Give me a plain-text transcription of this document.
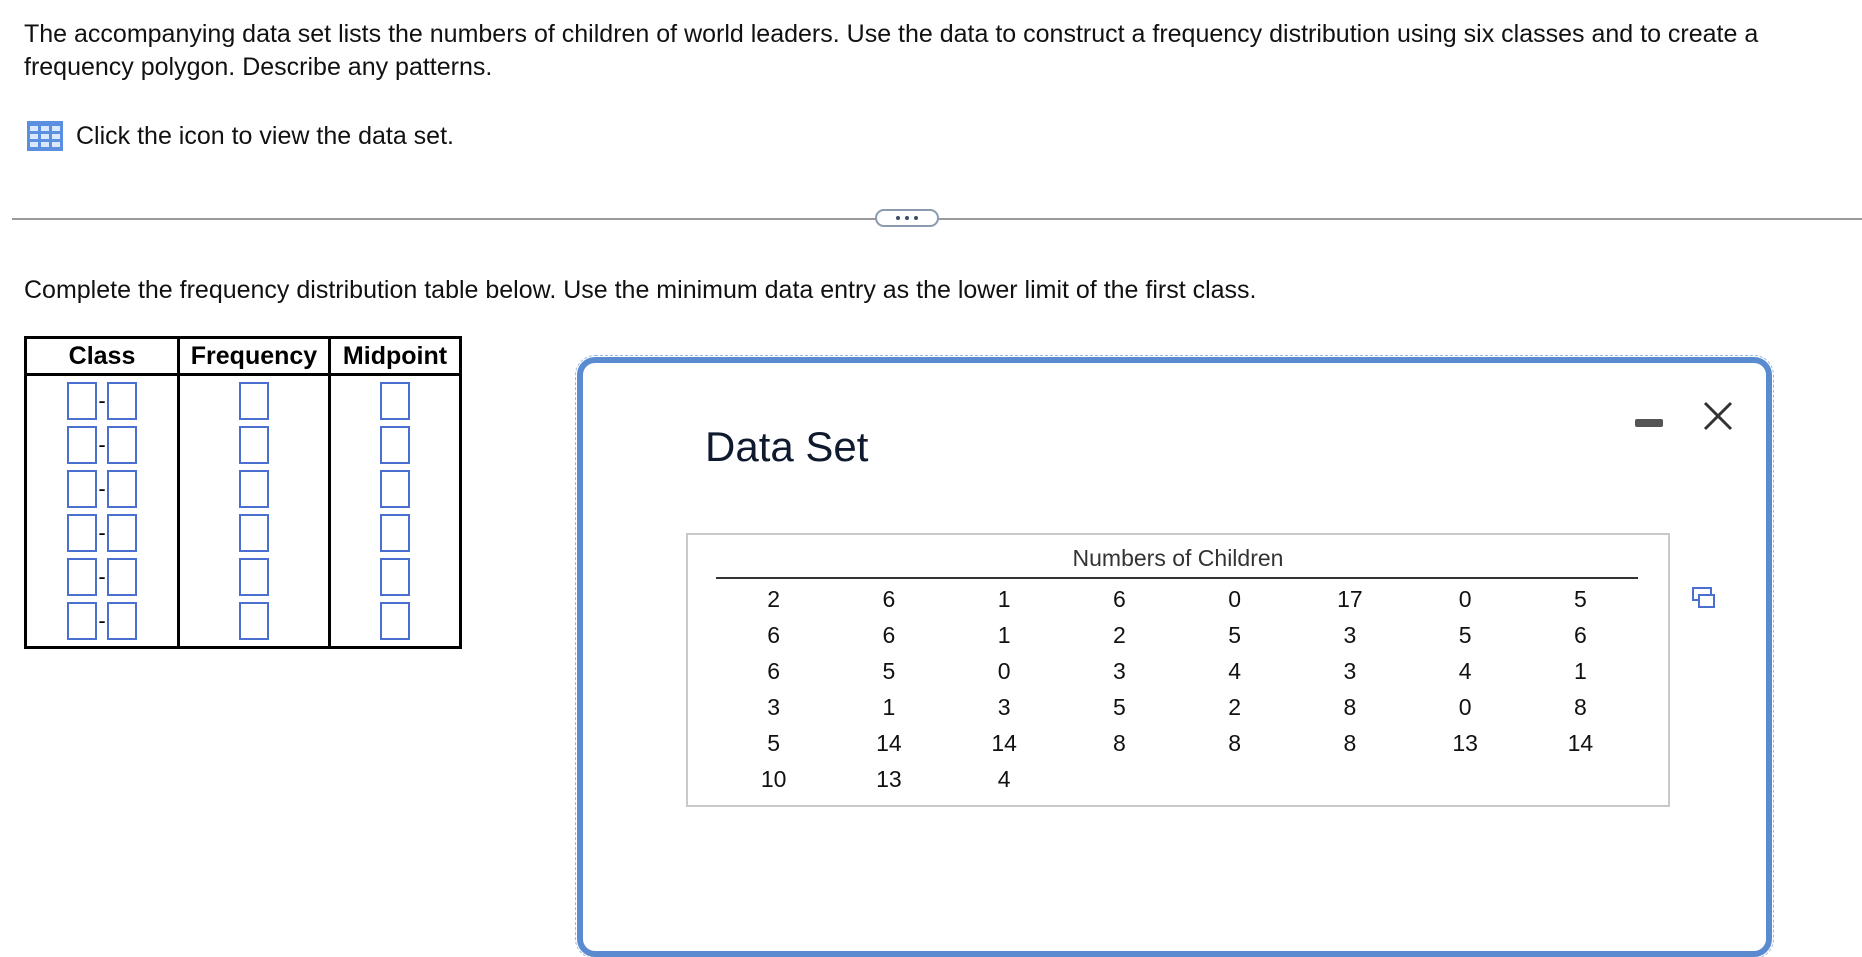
The accompanying data set lists the numbers of children of world leaders. Use the data to construct a frequency distribution using six classes and to create a frequency polygon. Describe any patterns.
Click the icon to view the data set.
Complete the frequency distribution table below. Use the minimum data entry as the lower limit of the first class.
Class	Frequency	Midpoint

-		

-		

-		

-		

-		

-		

Data Set
Numbers of Children
2	6	1	6	0	17	0	5
6	6	1	2	5	3	5	6
6	5	0	3	4	3	4	1
3	1	3	5	2	8	0	8
5	14	14	8	8	8	13	14
10	13	4					
